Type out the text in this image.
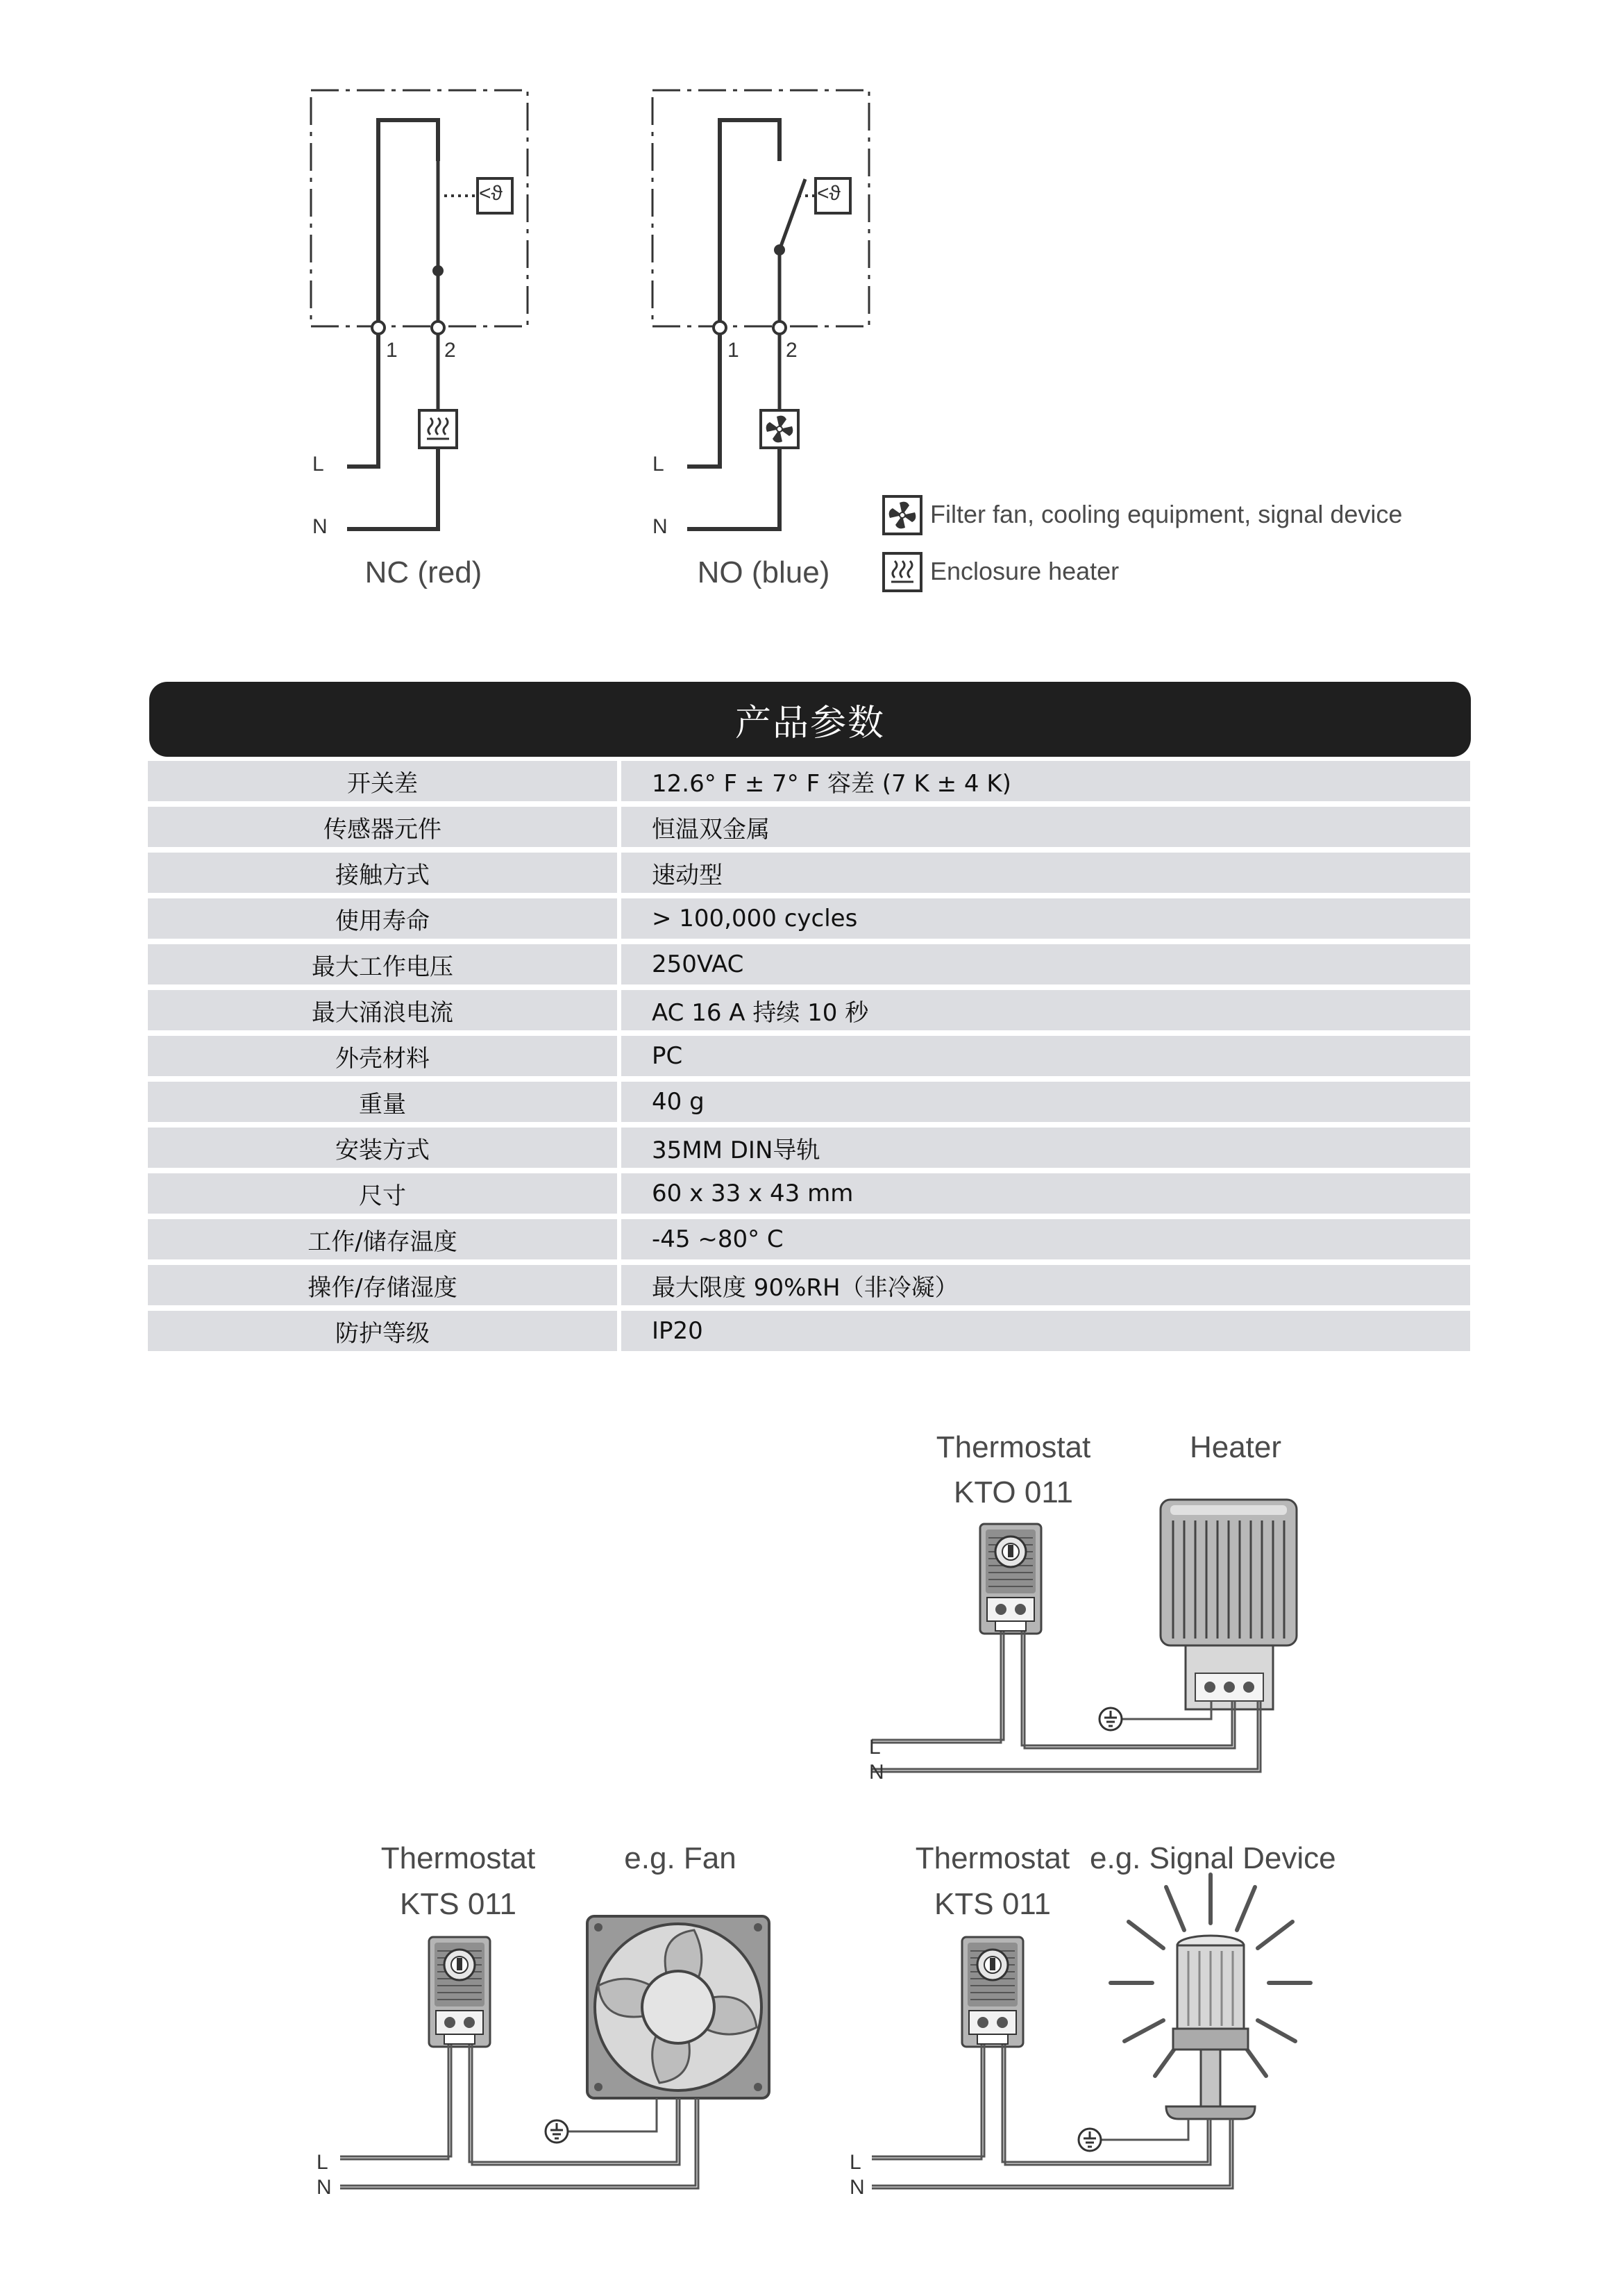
<ϑ
1 2
L
N
NC (red)
<ϑ
1 2
L
N
NO (blue)
Filter fan, cooling equipment, signal device
Enclosure heater
产品参数
开关差	12.6° F ± 7° F 容差 (7 K ± 4 K)
传感器元件	恒温双金属
接触方式	速动型
使用寿命	> 100,000 cycles
最大工作电压	250VAC
最大涌浪电流	AC 16 A 持续 10 秒
外壳材料	PC
重量	40 g
安装方式	35MM DIN导轨
尺寸	60 x 33 x 43 mm
工作/储存温度	-45 ~80° C
操作/存储湿度	最大限度 90%RH（非冷凝）
防护等级	IP20
Thermostat
KTO 011
Heater
L
N
Thermostat
KTS 011
e.g. Fan
L
N
Thermostat
KTS 011
e.g. Signal Device
L
N
